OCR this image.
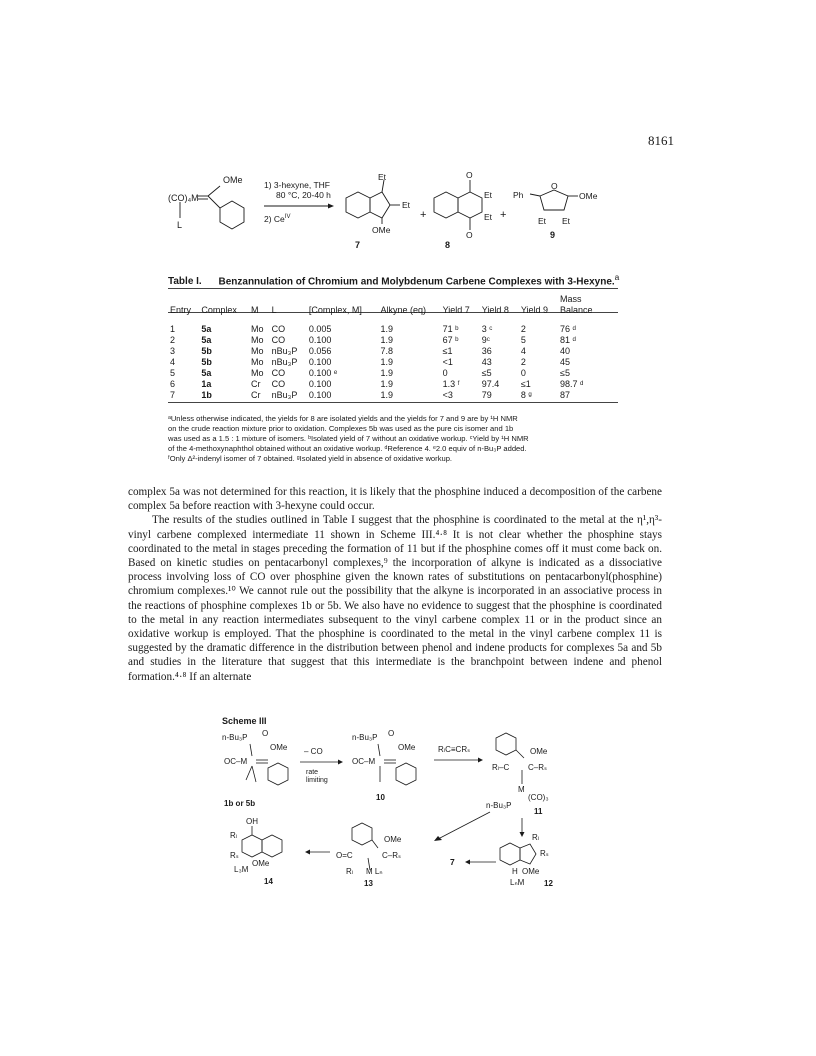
8161
OMe
(CO)₄M
L
1) 3-hexyne, THF
80 °C, 20-40 h
2) $Ce^{IV}$
Et
Et
OMe
7
+
O
Et
Et
O
8
+
Ph
O
OMe
Et Et
9
Table I. Benzannulation of Chromium and Molybdenum Carbene Complexes with 3-Hexyne.$^a$
Entry	Complex	M	L	[Complex, M]	Alkyne (eq)	Yield 7	Yield 8	Yield 9	Mass Balance

1	5a	Mo	CO	0.005	1.9	71 ᵇ	3 ᶜ	2	76 ᵈ
2	5a	Mo	CO	0.100	1.9	67 ᵇ	9ᶜ	5	81 ᵈ
3	5b	Mo	nBu₃P	0.056	7.8	≤1	36	4	40
4	5b	Mo	nBu₃P	0.100	1.9	<1	43	2	45
5	5a	Mo	CO	0.100 ᵉ	1.9	0	≤5	0	≤5
6	1a	Cr	CO	0.100	1.9	1.3 ᶠ	97.4	≤1	98.7 ᵈ
7	1b	Cr	nBu₃P	0.100	1.9	<3	79	8 ᵍ	87
ᵃUnless otherwise indicated, the yields for 8 are isolated yields and the yields for 7 and 9 are by ¹H NMR
on the crude reaction mixture prior to oxidation. Complexes 5b was used as the pure cis isomer and 1b
was used as a 1.5 : 1 mixture of isomers. ᵇIsolated yield of 7 without an oxidative workup. ᶜYield by ¹H NMR
of the 4-methoxynaphthol obtained without an oxidative workup. ᵈReference 4. ᵉ2.0 equiv of n-Bu₃P added.
ᶠOnly Δ²-indenyl isomer of 7 obtained. ᵍIsolated yield in absence of oxidative workup.

complex 5a was not determined for this reaction, it is likely that the phosphine induced a decomposition of the carbene complex 5a before reaction with 3-hexyne could occur.

The results of the studies outlined in Table I suggest that the phosphine is coordinated to the metal at the η¹,η³-vinyl carbene complexed intermediate 11 shown in Scheme III.⁴·⁸ It is not clear whether the phosphine stays coordinated to the metal in stages preceding the formation of 11 but if the phosphine comes off it must come back on. Based on kinetic studies on pentacarbonyl complexes,⁹ the incorporation of alkyne is indicated as a dissociative process involving loss of CO over phosphine given the known rates of substitutions on pentacarbonyl(phosphine) chromium complexes.¹⁰ We cannot rule out the possibility that the alkyne is incorporated in an associative process in the reactions of phosphine complexes 1b or 5b. We also have no evidence to suggest that the phosphine is coordinated to the metal in any reaction intermediates subsequent to the vinyl carbene complex 11 or in the product since an oxidative workup is employed. That the phosphine is coordinated to the metal in the vinyl carbene complex 11 is suggested by the dramatic difference in the distribution between phenol and indene products for complexes 5a and 5b and studies in the literature that suggest that this intermediate is the branchpoint between indene and phenol formation.⁴·⁸ If an alternate

Scheme III
n-Bu₃P O
OMe
OC–M
1b or 5b
– CO
rate
limiting
n-Bu₃P O
OMe
OC–M
10
RₗC≡CRₛ	OMe
Rₗ–C C–Rₛ
M
(CO)₃
n-Bu₃P
11
Rₗ
Rₛ
H OMe
LₙM 12
7
OMe
O=C	C–Rₛ
Rₗ M Lₙ
13
OH
Rₗ
Rₛ
OMe
L₃M
14
